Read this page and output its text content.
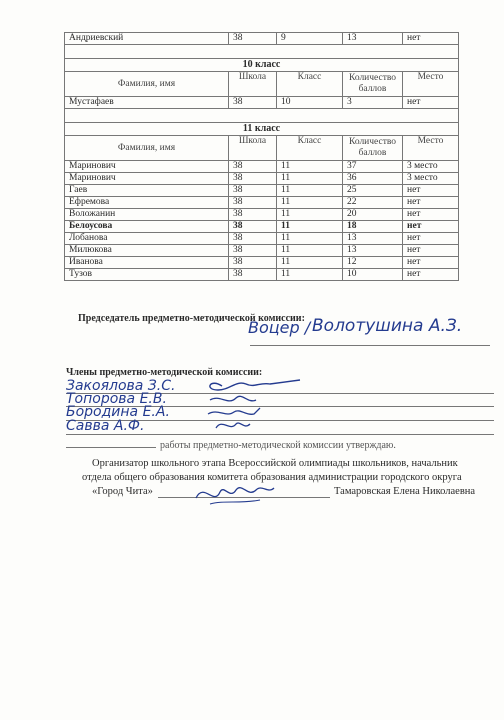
Андриевский	38	9	13	нет

10 класс				
Фамилия, имя	Школа	Класс	Количество баллов	Место
Мустафаев	38	10	3	нет

11 класс				
Фамилия, имя	Школа	Класс	Количество баллов	Место
Маринович	38	11	37	3 место
Маринович	38	11	36	3 место
Гаев	38	11	25	нет
Ефремова	38	11	22	нет
Воложанин	38	11	20	нет
Белоусова	38	11	18	нет
Лобанова	38	11	13	нет
Милюкова	38	11	13	нет
Иванова	38	11	12	нет
Тузов	38	11	10	нет
Председатель предметно-методической комиссии:
Воцер / Волотушина А.З.
Члены предметно-методической комиссии:
Закоялова З.С.
Топорова Е.В.
Бородина Е.А.
Савва А.Ф.
работы предметно-методической комиссии утверждаю.
Организатор школьного этапа Всероссийской олимпиады школьников, начальник
отдела общего образования комитета образования администрации городского округа
«Город Чита»	Тамаровская Елена Николаевна
